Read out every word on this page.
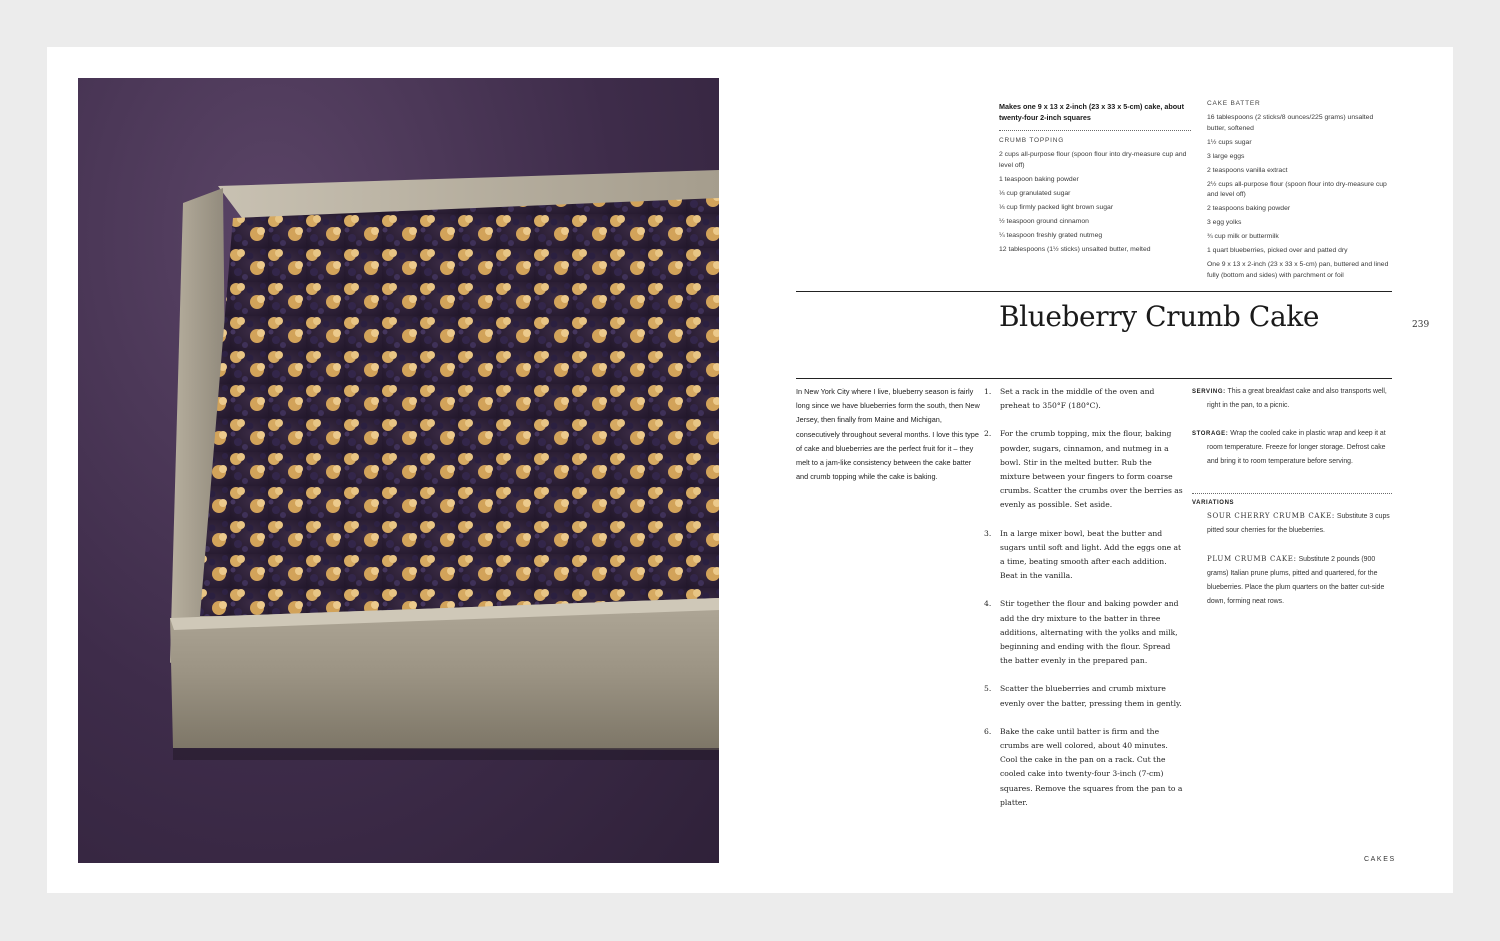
Makes one 9 x 13 x 2-inch (23 x 33 x 5-cm) cake, about twenty-four 2-inch squares
CRUMB TOPPING
2 cups all-purpose flour (spoon flour into dry-measure cup and level off)
1 teaspoon baking powder
⅓ cup granulated sugar
⅓ cup firmly packed light brown sugar
½ teaspoon ground cinnamon
¼ teaspoon freshly grated nutmeg
12 tablespoons (1½ sticks) unsalted butter, melted
CAKE BATTER
16 tablespoons (2 sticks/8 ounces/225 grams) unsalted butter, softened
1½ cups sugar
3 large eggs
2 teaspoons vanilla extract
2½ cups all-purpose flour (spoon flour into dry-measure cup and level off)
2 teaspoons baking powder
3 egg yolks
¾ cup milk or buttermilk
1 quart blueberries, picked over and patted dry
One 9 x 13 x 2-inch (23 x 33 x 5-cm) pan, buttered and lined fully (bottom and sides) with parchment or foil
Blueberry Crumb Cake	239
In New York City where I live, blueberry season is fairly long since we have blueberries form the south, then New Jersey, then finally from Maine and Michigan, consecutively throughout several months. I love this type of cake and blueberries are the perfect fruit for it – they melt to a jam-like consistency between the cake batter and crumb topping while the cake is baking.
1. Set a rack in the middle of the oven and preheat to 350°F (180°C).
2. For the crumb topping, mix the flour, baking powder, sugars, cinnamon, and nutmeg in a bowl. Stir in the melted butter. Rub the mixture between your fingers to form coarse crumbs. Scatter the crumbs over the berries as evenly as possible. Set aside.
3. In a large mixer bowl, beat the butter and sugars until soft and light. Add the eggs one at a time, beating smooth after each addition. Beat in the vanilla.
4. Stir together the flour and baking powder and add the dry mixture to the batter in three additions, alternating with the yolks and milk, beginning and ending with the flour. Spread the batter evenly in the prepared pan.
5. Scatter the blueberries and crumb mixture evenly over the batter, pressing them in gently.
6. Bake the cake until batter is firm and the crumbs are well colored, about 40 minutes. Cool the cake in the pan on a rack. Cut the cooled cake into twenty-four 3-inch (7-cm) squares. Remove the squares from the pan to a platter.
SERVING: This a great breakfast cake and also transports well, right in the pan, to a picnic.
STORAGE: Wrap the cooled cake in plastic wrap and keep it at room temperature. Freeze for longer storage. Defrost cake and bring it to room temperature before serving.
VARIATIONS
SOUR CHERRY CRUMB CAKE: Substitute 3 cups pitted sour cherries for the blueberries.
PLUM CRUMB CAKE: Substitute 2 pounds (900 grams) Italian prune plums, pitted and quartered, for the blueberries. Place the plum quarters on the batter cut-side down, forming neat rows.
CAKES
